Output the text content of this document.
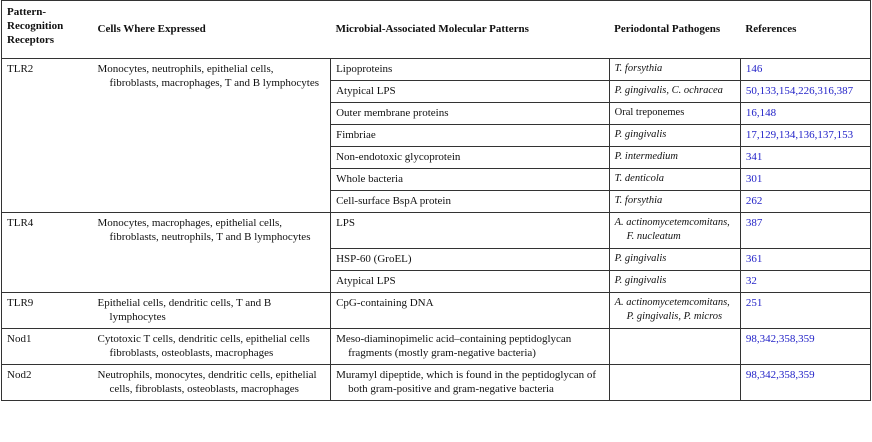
Pattern-Recognition Receptors	Cells Where Expressed	Microbial-Associated Molecular Patterns	Periodontal Pathogens	References
TLR2	Monocytes, neutrophils, epithelial cells, fibroblasts, macrophages, T and B lymphocytes	Lipoproteins	T. forsythia	146
		Atypical LPS	P. gingivalis, C. ochracea	50,133,154,226,316,387
		Outer membrane proteins	Oral treponemes	16,148
		Fimbriae	P. gingivalis	17,129,134,136,137,153
		Non-endotoxic glycoprotein	P. intermedium	341
		Whole bacteria	T. denticola	301
		Cell-surface BspA protein	T. forsythia	262
TLR4	Monocytes, macrophages, epithelial cells, fibroblasts, neutrophils, T and B lymphocytes	LPS	A. actinomycetemcomitans, F. nucleatum	387
		HSP-60 (GroEL)	P. gingivalis	361
		Atypical LPS	P. gingivalis	32
TLR9	Epithelial cells, dendritic cells, T and B lymphocytes	CpG-containing DNA	A. actinomycetemcomitans, P. gingivalis, P. micros	251
Nod1	Cytotoxic T cells, dendritic cells, epithelial cells fibroblasts, osteoblasts, macrophages	Meso-diaminopimelic acid–containing peptidoglycan fragments (mostly gram-negative bacteria)		98,342,358,359
Nod2	Neutrophils, monocytes, dendritic cells, epithelial cells, fibroblasts, osteoblasts, macrophages	Muramyl dipeptide, which is found in the peptidoglycan of both gram-positive and gram-negative bacteria		98,342,358,359
